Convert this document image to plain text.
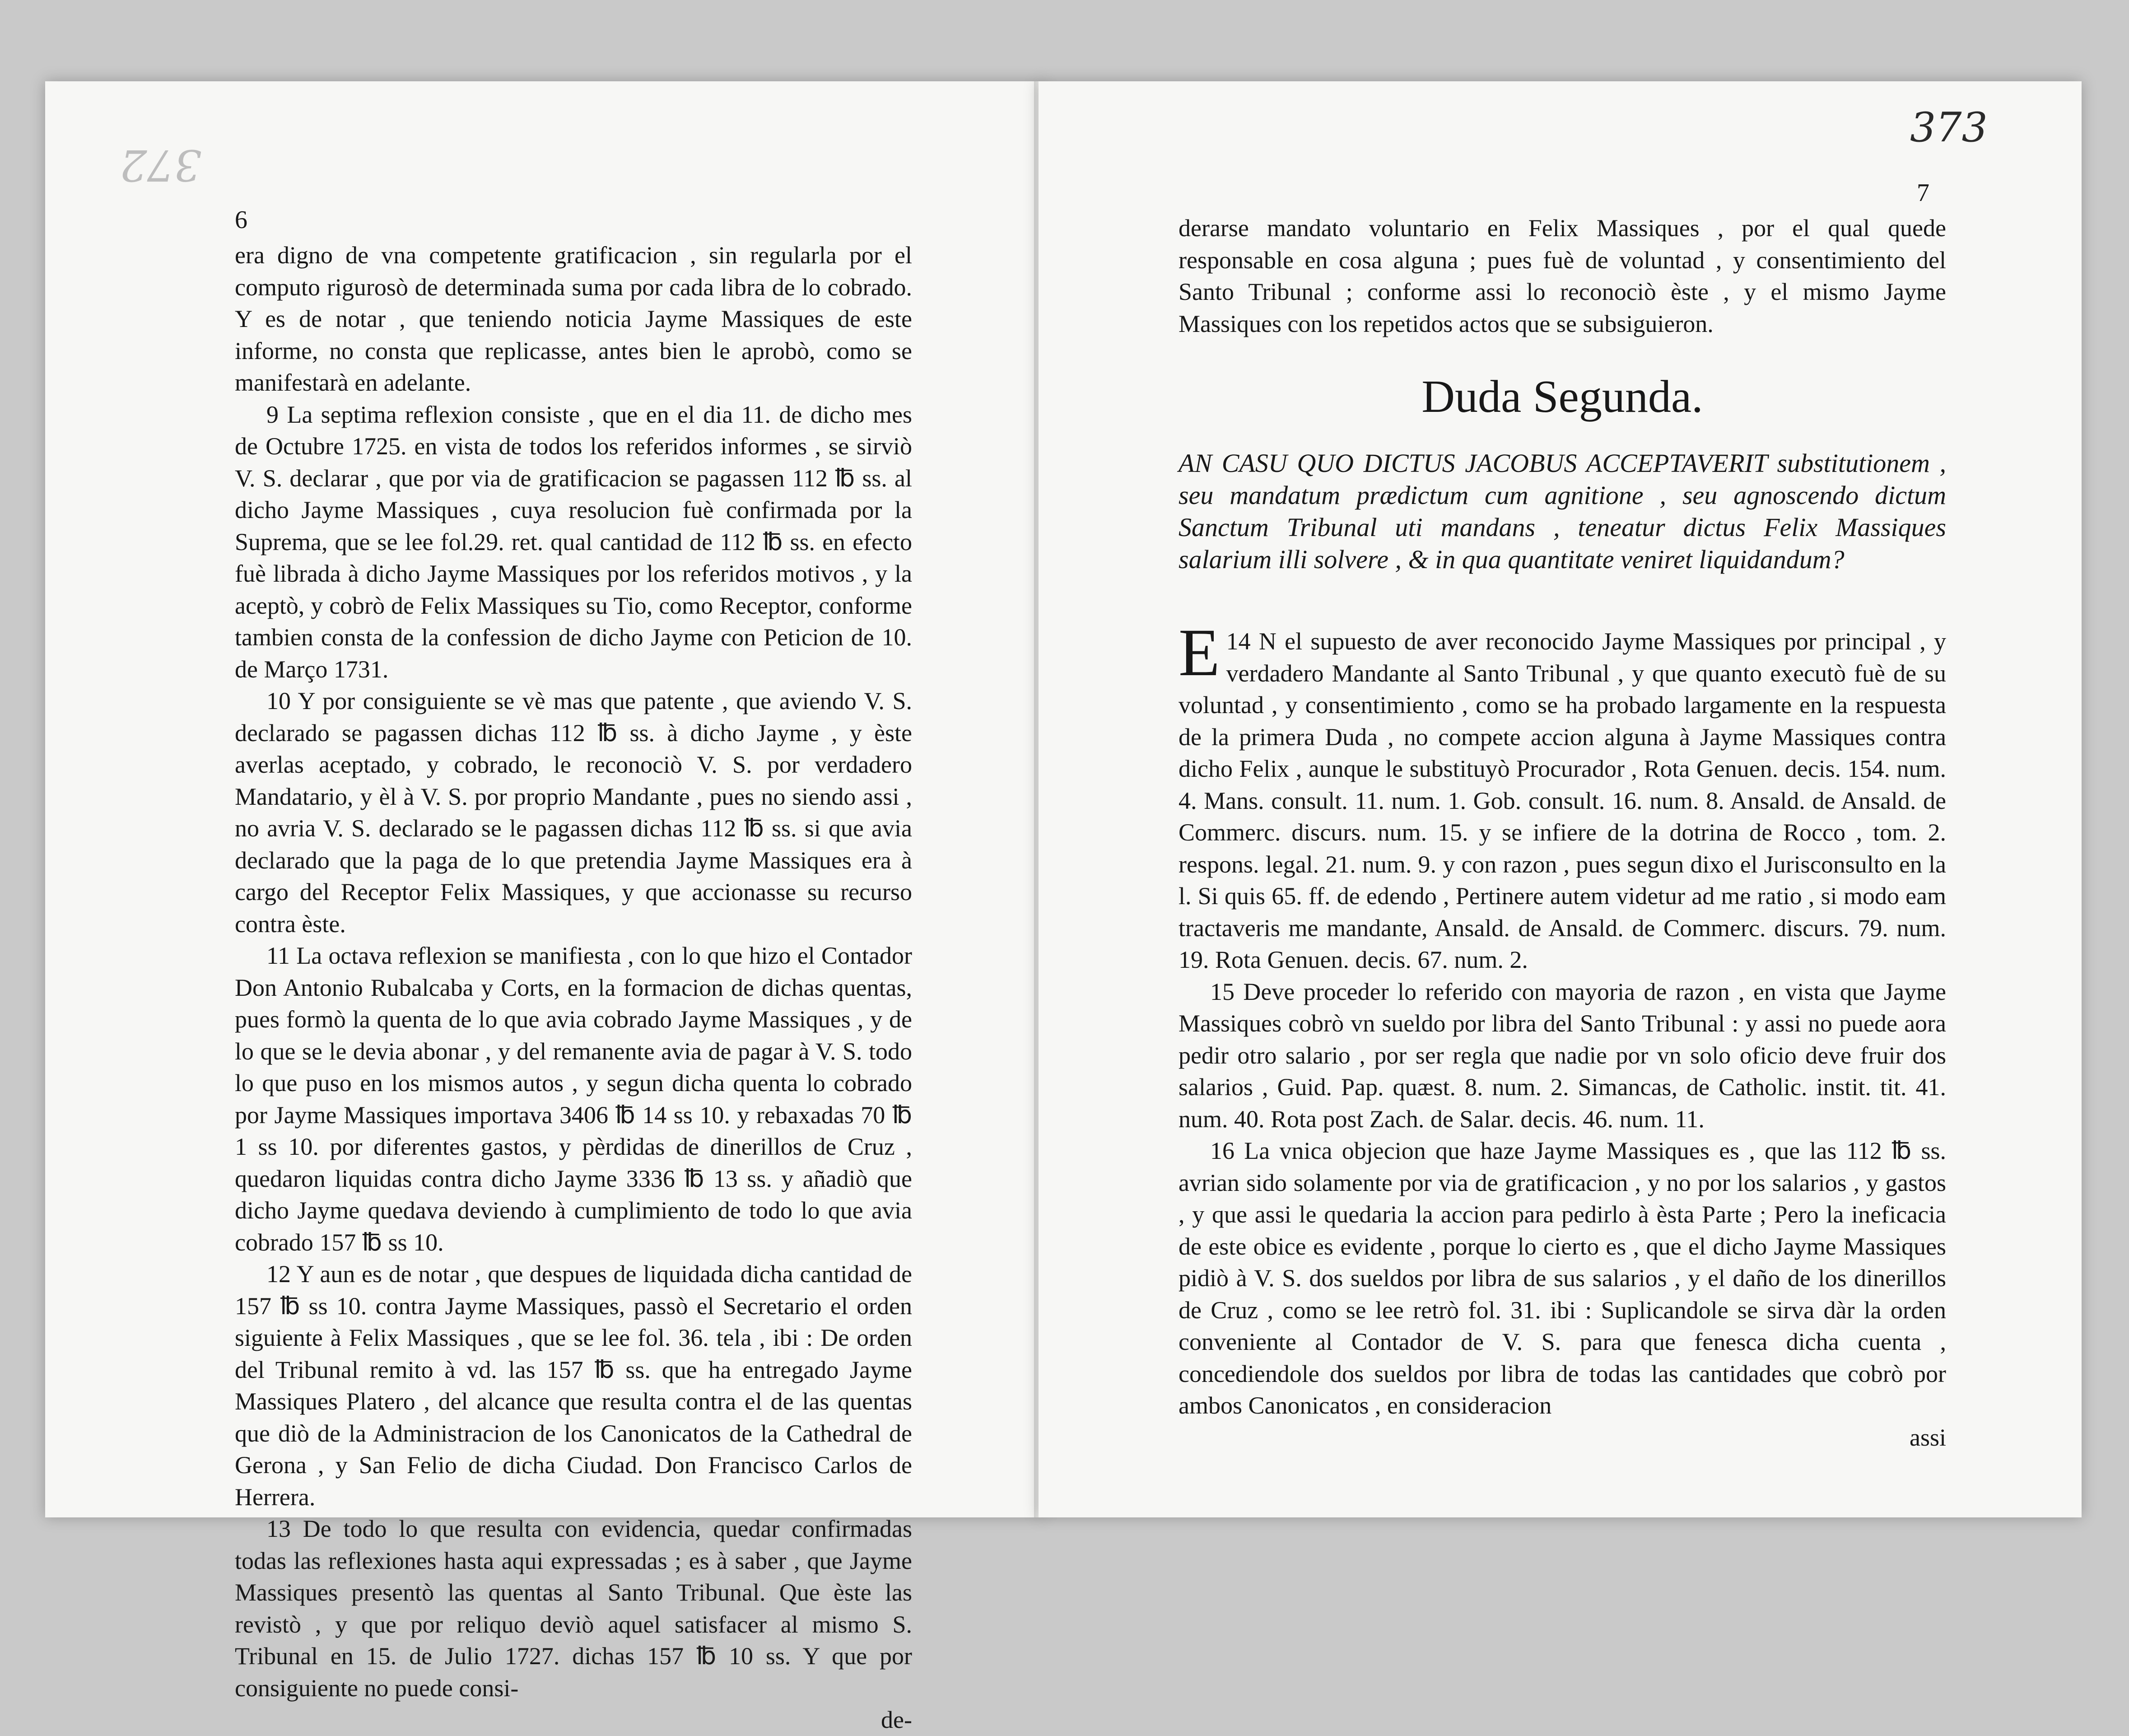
372
373
6
7

era digno de vna competente gratificacion , sin regularla por el computo rigurosò de determinada suma por cada libra de lo cobrado. Y es de notar , que teniendo noticia Jayme Massiques de este informe, no consta que replicasse, antes bien le aprobò, como se manifestarà en adelante.

9 La septima reflexion consiste , que en el dia 11. de dicho mes de Octubre 1725. en vista de todos los referidos informes , se sirviò V. S. declarar , que por via de gratificacion se pagassen 112 ℔ ss. al dicho Jayme Massiques , cuya resolucion fuè confirmada por la Suprema, que se lee fol.29. ret. qual cantidad de 112 ℔ ss. en efecto fuè librada à dicho Jayme Massiques por los referidos motivos , y la aceptò, y cobrò de Felix Massiques su Tio, como Receptor, conforme tambien consta de la confession de dicho Jayme con Peticion de 10. de Março 1731.

10 Y por consiguiente se vè mas que patente , que aviendo V. S. declarado se pagassen dichas 112 ℔ ss. à dicho Jayme , y èste averlas aceptado, y cobrado, le reconociò V. S. por verdadero Mandatario, y èl à V. S. por proprio Mandante , pues no siendo assi , no avria V. S. declarado se le pagassen dichas 112 ℔ ss. si que avia declarado que la paga de lo que pretendia Jayme Massiques era à cargo del Receptor Felix Massiques, y que accionasse su recurso contra èste.

11 La octava reflexion se manifiesta , con lo que hizo el Contador Don Antonio Rubalcaba y Corts, en la formacion de dichas quentas, pues formò la quenta de lo que avia cobrado Jayme Massiques , y de lo que se le devia abonar , y del remanente avia de pagar à V. S. todo lo que puso en los mismos autos , y segun dicha quenta lo cobrado por Jayme Massiques importava 3406 ℔ 14 ss 10. y rebaxadas 70 ℔ 1 ss 10. por diferentes gastos, y pèrdidas de dinerillos de Cruz , quedaron liquidas contra dicho Jayme 3336 ℔ 13 ss. y añadiò que dicho Jayme quedava deviendo à cumplimiento de todo lo que avia cobrado 157 ℔ ss 10.

12 Y aun es de notar , que despues de liquidada dicha cantidad de 157 ℔ ss 10. contra Jayme Massiques, passò el Secretario el orden siguiente à Felix Massiques , que se lee fol. 36. tela , ibi : De orden del Tribunal remito à vd. las 157 ℔ ss. que ha entregado Jayme Massiques Platero , del alcance que resulta contra el de las quentas que diò de la Administracion de los Canonicatos de la Cathedral de Gerona , y San Felio de dicha Ciudad. Don Francisco Carlos de Herrera.

13 De todo lo que resulta con evidencia, quedar confirmadas todas las reflexiones hasta aqui expressadas ; es à saber , que Jayme Massiques presentò las quentas al Santo Tribunal. Que èste las revistò , y que por reliquo deviò aquel satisfacer al mismo S. Tribunal en 15. de Julio 1727. dichas 157 ℔ 10 ss. Y que por consiguiente no puede consi-

de-

derarse mandato voluntario en Felix Massiques , por el qual quede responsable en cosa alguna ; pues fuè de voluntad , y consentimiento del Santo Tribunal ; conforme assi lo reconociò èste , y el mismo Jayme Massiques con los repetidos actos que se subsiguieron.

Duda Segunda.
AN CASU QUO DICTUS JACOBUS ACCEPTAVERIT substitutionem , seu mandatum prædictum cum agnitione , seu agnoscendo dictum Sanctum Tribunal uti mandans , teneatur dictus Felix Massiques salarium illi solvere , & in qua quantitate veniret liquidandum?

E 14 N el supuesto de aver reconocido Jayme Massiques por principal , y verdadero Mandante al Santo Tribunal , y que quanto executò fuè de su voluntad , y consentimiento , como se ha probado largamente en la respuesta de la primera Duda , no compete accion alguna à Jayme Massiques contra dicho Felix , aunque le substituyò Procurador , Rota Genuen. decis. 154. num. 4. Mans. consult. 11. num. 1. Gob. consult. 16. num. 8. Ansald. de Ansald. de Commerc. discurs. num. 15. y se infiere de la dotrina de Rocco , tom. 2. respons. legal. 21. num. 9. y con razon , pues segun dixo el Jurisconsulto en la l. Si quis 65. ff. de edendo , Pertinere autem videtur ad me ratio , si modo eam tractaveris me mandante, Ansald. de Ansald. de Commerc. discurs. 79. num. 19. Rota Genuen. decis. 67. num. 2.

15 Deve proceder lo referido con mayoria de razon , en vista que Jayme Massiques cobrò vn sueldo por libra del Santo Tribunal : y assi no puede aora pedir otro salario , por ser regla que nadie por vn solo oficio deve fruir dos salarios , Guid. Pap. quæst. 8. num. 2. Simancas, de Catholic. instit. tit. 41. num. 40. Rota post Zach. de Salar. decis. 46. num. 11.

16 La vnica objecion que haze Jayme Massiques es , que las 112 ℔ ss. avrian sido solamente por via de gratificacion , y no por los salarios , y gastos , y que assi le quedaria la accion para pedirlo à èsta Parte ; Pero la ineficacia de este obice es evidente , porque lo cierto es , que el dicho Jayme Massiques pidiò à V. S. dos sueldos por libra de sus salarios , y el daño de los dinerillos de Cruz , como se lee retrò fol. 31. ibi : Suplicandole se sirva dàr la orden conveniente al Contador de V. S. para que fenesca dicha cuenta , concediendole dos sueldos por libra de todas las cantidades que cobrò por ambos Canonicatos , en consideracion

assi
